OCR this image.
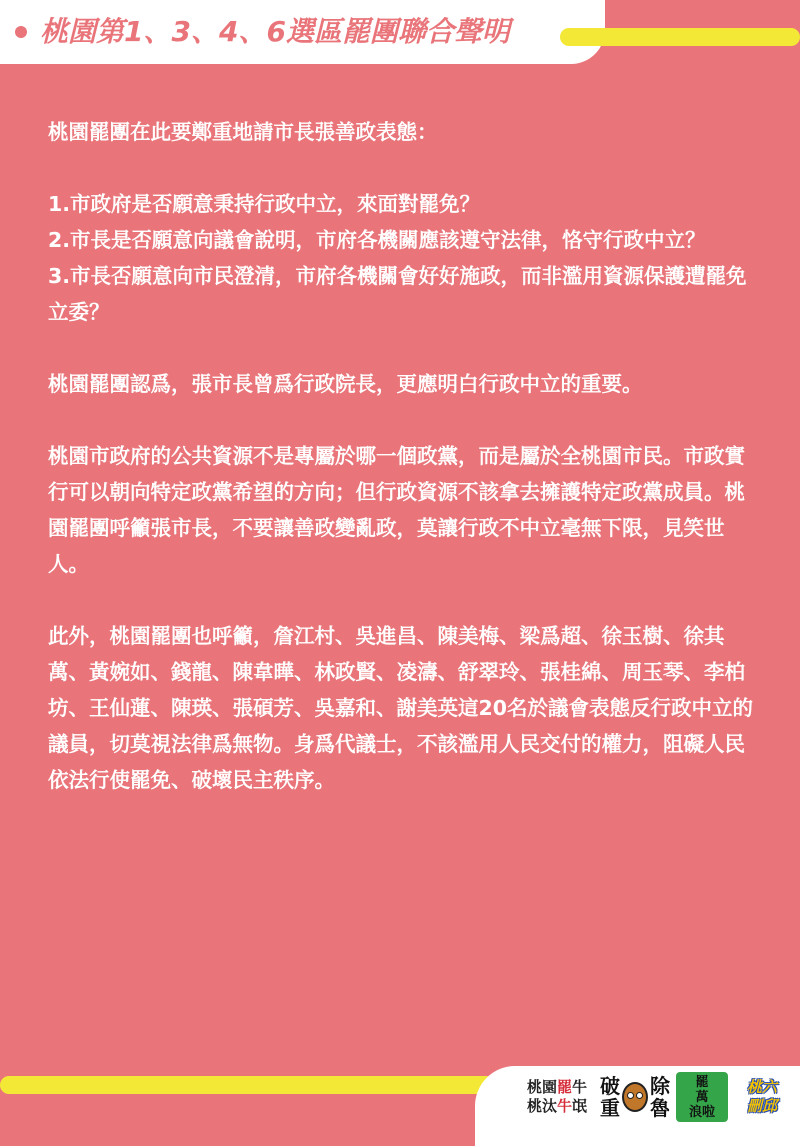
桃園第1、3、4、6選區罷團聯合聲明

桃園罷團在此要鄭重地請市長張善政表態：

1.市政府是否願意秉持行政中立，來面對罷免？
2.市長是否願意向議會說明，市府各機關應該遵守法律，恪守行政中立？
3.市長否願意向市民澄清，市府各機關會好好施政，而非濫用資源保護遭罷免立委？

桃園罷團認爲，張市長曾爲行政院長，更應明白行政中立的重要。

桃園市政府的公共資源不是專屬於哪一個政黨，而是屬於全桃園市民。市政實行可以朝向特定政黨希望的方向；但行政資源不該拿去擁護特定政黨成員。桃園罷團呼籲張市長，不要讓善政變亂政，莫讓行政不中立毫無下限，見笑世人。

此外，桃園罷團也呼籲，詹江村、吳進昌、陳美梅、梁爲超、徐玉樹、徐其萬、黃婉如、錢龍、陳韋曄、林政賢、凌濤、舒翠玲、張桂綿、周玉琴、李柏坊、王仙蓮、陳瑛、張碩芳、吳嘉和、謝美英這20名於議會表態反行政中立的議員，切莫視法律爲無物。身爲代議士，不該濫用人民交付的權力，阻礙人民依法行使罷免、破壞民主秩序。

桃園罷牛
桃汰牛氓
破
重
除
魯
罷
萬
浪啦
桃六
刪邱
